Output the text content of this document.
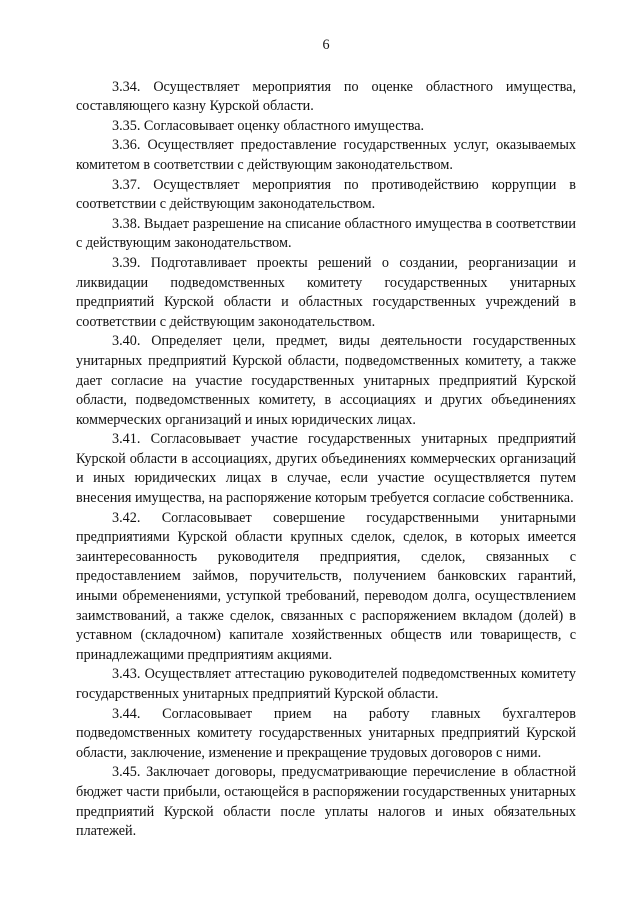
6

3.34. Осуществляет мероприятия по оценке областного имущества, составляющего казну Курской области.

3.35. Согласовывает оценку областного имущества.

3.36. Осуществляет предоставление государственных услуг, оказываемых комитетом в соответствии с действующим законодательством.

3.37. Осуществляет мероприятия по противодействию коррупции в соответствии с действующим законодательством.

3.38. Выдает разрешение на списание областного имущества в соответствии с действующим законодательством.

3.39. Подготавливает проекты решений о создании, реорганизации и ликвидации подведомственных комитету государственных унитарных предприятий Курской области и областных государственных учреждений в соответствии с действующим законодательством.

3.40. Определяет цели, предмет, виды деятельности государственных унитарных предприятий Курской области, подведомственных комитету, а также дает согласие на участие государственных унитарных предприятий Курской области, подведомственных комитету, в ассоциациях и других объединениях коммерческих организаций и иных юридических лицах.

3.41. Согласовывает участие государственных унитарных предприятий Курской области в ассоциациях, других объединениях коммерческих организаций и иных юридических лицах в случае, если участие осуществляется путем внесения имущества, на распоряжение которым требуется согласие собственника.

3.42. Согласовывает совершение государственными унитарными предприятиями Курской области крупных сделок, сделок, в которых имеется заинтересованность руководителя предприятия, сделок, связанных с предоставлением займов, поручительств, получением банковских гарантий, иными обременениями, уступкой требований, переводом долга, осуществлением заимствований, а также сделок, связанных с распоряжением вкладом (долей) в уставном (складочном) капитале хозяйственных обществ или товариществ, с принадлежащими предприятиям акциями.

3.43. Осуществляет аттестацию руководителей подведомственных комитету государственных унитарных предприятий Курской области.

3.44. Согласовывает прием на работу главных бухгалтеров подведомственных комитету государственных унитарных предприятий Курской области, заключение, изменение и прекращение трудовых договоров с ними.

3.45. Заключает договоры, предусматривающие перечисление в областной бюджет части прибыли, остающейся в распоряжении государственных унитарных предприятий Курской области после уплаты налогов и иных обязательных платежей.
